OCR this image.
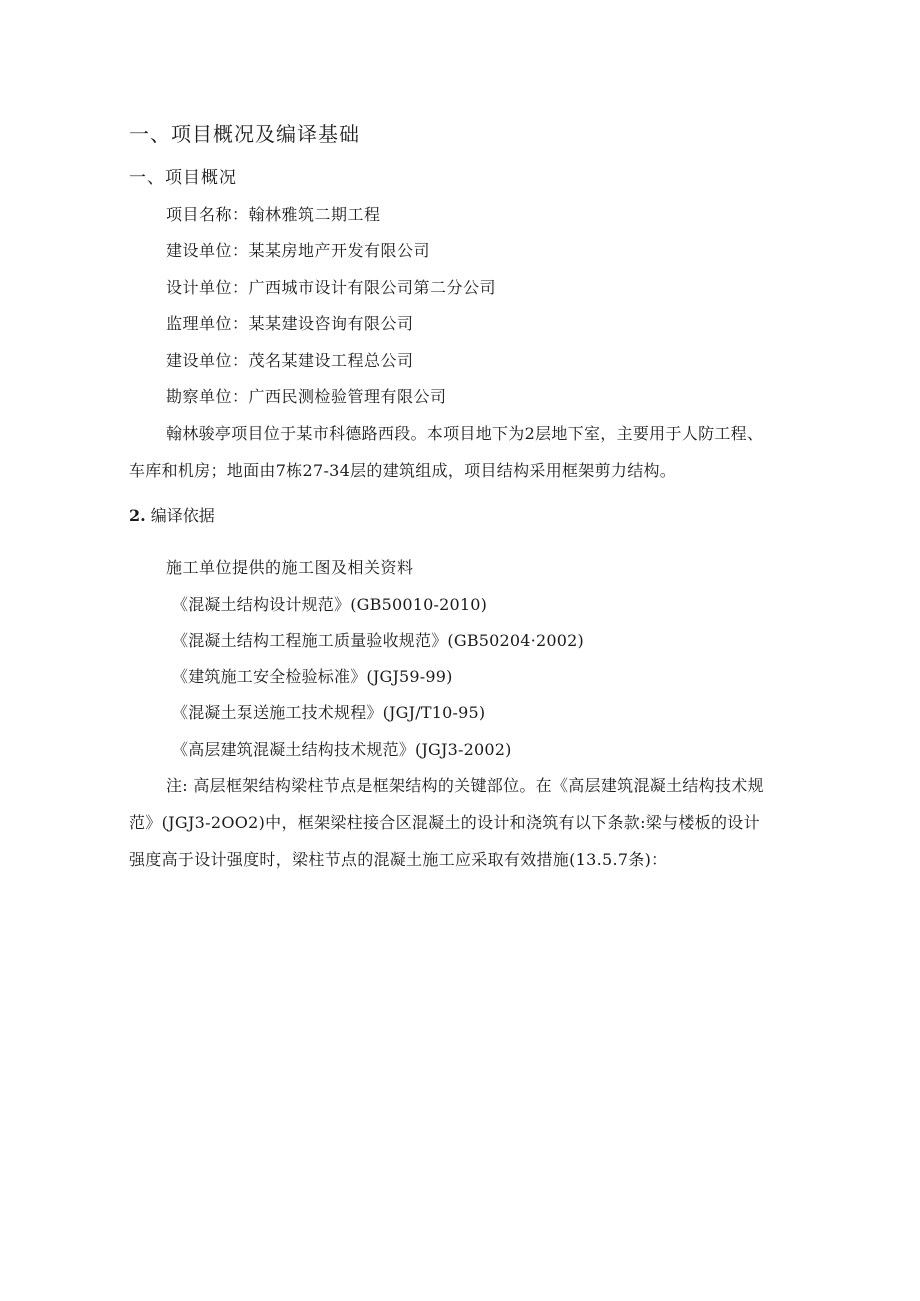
一、项目概况及编译基础
一、项目概况
项目名称：翰林雅筑二期工程
建设单位：某某房地产开发有限公司
设计单位：广西城市设计有限公司第二分公司
监理单位：某某建设咨询有限公司
建设单位：茂名某建设工程总公司
勘察单位：广西民测检验管理有限公司
翰林骏亭项目位于某市科德路西段。本项目地下为2层地下室，主要用于人防工程、
车库和机房；地面由7栋27-34层的建筑组成，项目结构采用框架剪力结构。
2. 编译依据
施工单位提供的施工图及相关资料
《混凝土结构设计规范》(GB50010-2010)
《混凝土结构工程施工质量验收规范》(GB50204·2002)
《建筑施工安全检验标准》(JGJ59-99)
《混凝土泵送施工技术规程》(JGJ/T10-95)
《高层建筑混凝土结构技术规范》(JGJ3-2002)
注: 高层框架结构梁柱节点是框架结构的关键部位。在《高层建筑混凝土结构技术规
范》(JGJ3-2OO2)中，框架梁柱接合区混凝土的设计和浇筑有以下条款:梁与楼板的设计
强度高于设计强度时，梁柱节点的混凝土施工应采取有效措施(13.5.7条)：
